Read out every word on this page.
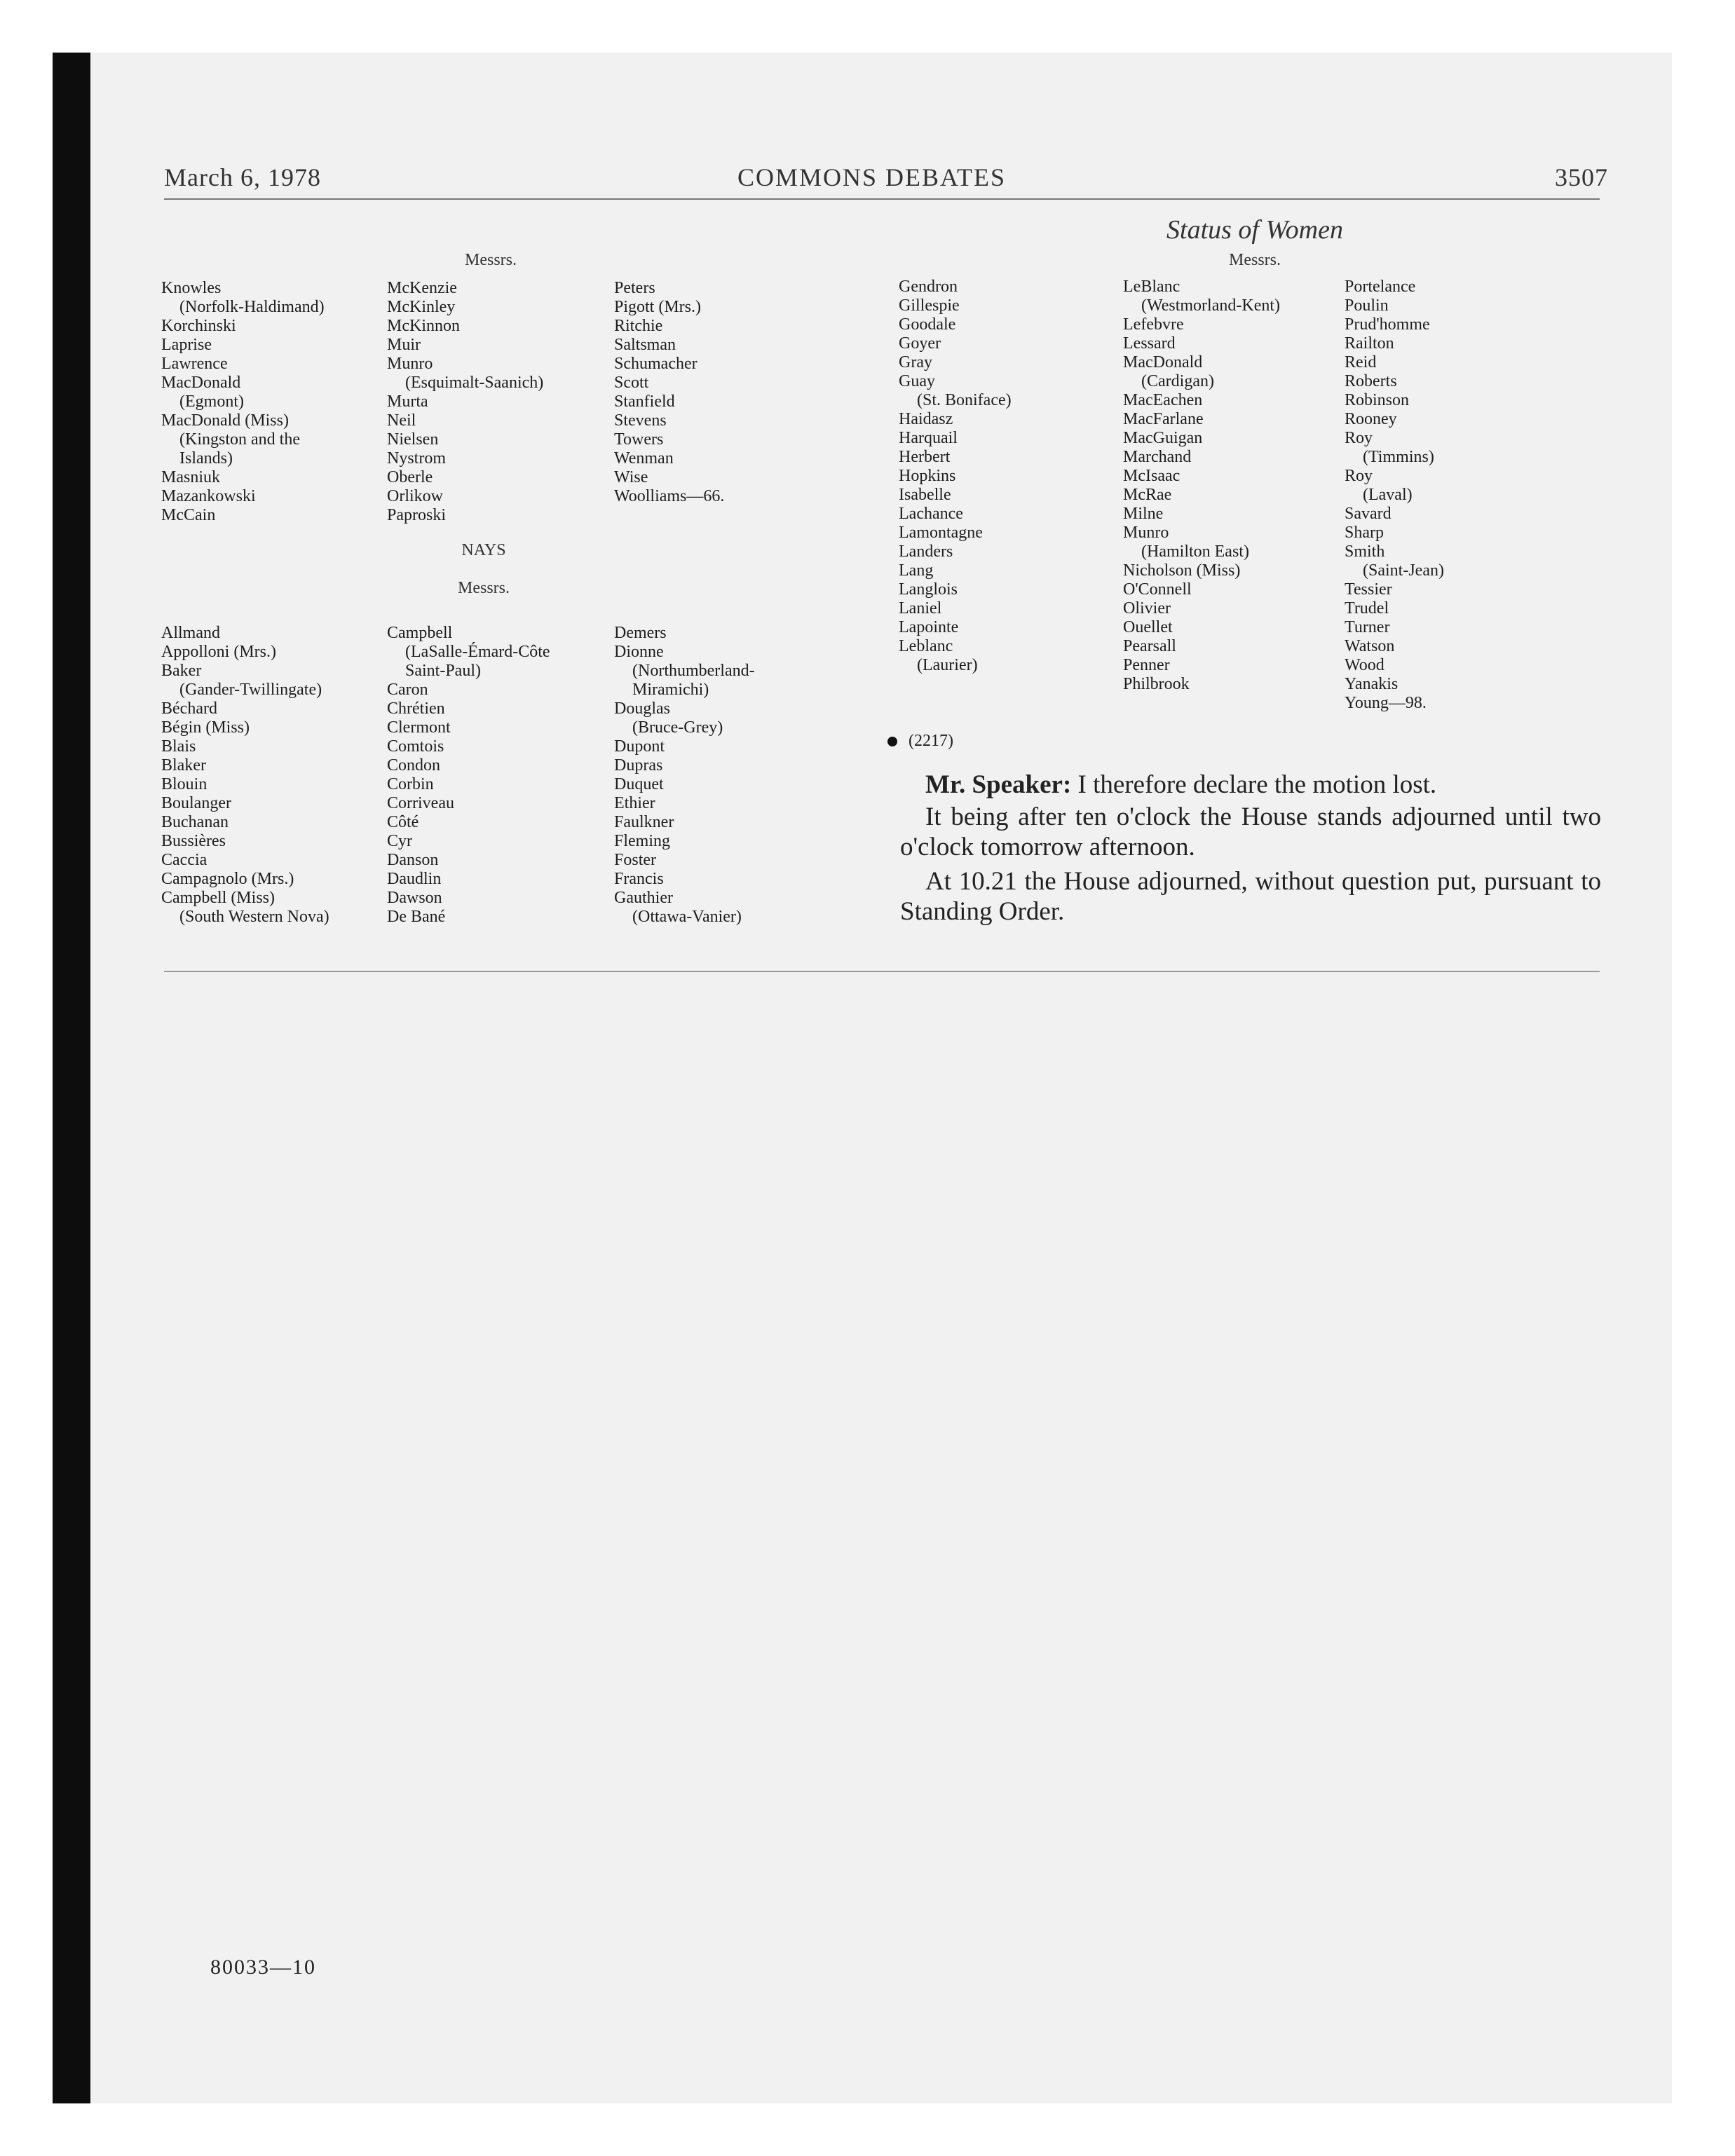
March 6, 1978	COMMONS DEBATES	3507
Messrs.
Knowles
(Norfolk-Haldimand)
Korchinski
Laprise
Lawrence
MacDonald
(Egmont)
MacDonald (Miss)
(Kingston and the
Islands)
Masniuk
Mazankowski
McCain
McKenzie
McKinley
McKinnon
Muir
Munro
(Esquimalt-Saanich)
Murta
Neil
Nielsen
Nystrom
Oberle
Orlikow
Paproski
Peters
Pigott (Mrs.)
Ritchie
Saltsman
Schumacher
Scott
Stanfield
Stevens
Towers
Wenman
Wise
Woolliams—66.
NAYS
Messrs.
Allmand
Appolloni (Mrs.)
Baker
(Gander-Twillingate)
Béchard
Bégin (Miss)
Blais
Blaker
Blouin
Boulanger
Buchanan
Bussières
Caccia
Campagnolo (Mrs.)
Campbell (Miss)
(South Western Nova)
Campbell
(LaSalle-Émard-Côte
Saint-Paul)
Caron
Chrétien
Clermont
Comtois
Condon
Corbin
Corriveau
Côté
Cyr
Danson
Daudlin
Dawson
De Bané
Demers
Dionne
(Northumberland-
Miramichi)
Douglas
(Bruce-Grey)
Dupont
Dupras
Duquet
Ethier
Faulkner
Fleming
Foster
Francis
Gauthier
(Ottawa-Vanier)
Status of Women
Messrs.
Gendron
Gillespie
Goodale
Goyer
Gray
Guay
(St. Boniface)
Haidasz
Harquail
Herbert
Hopkins
Isabelle
Lachance
Lamontagne
Landers
Lang
Langlois
Laniel
Lapointe
Leblanc
(Laurier)
LeBlanc
(Westmorland-Kent)
Lefebvre
Lessard
MacDonald
(Cardigan)
MacEachen
MacFarlane
MacGuigan
Marchand
McIsaac
McRae
Milne
Munro
(Hamilton East)
Nicholson (Miss)
O'Connell
Olivier
Ouellet
Pearsall
Penner
Philbrook
Portelance
Poulin
Prud'homme
Railton
Reid
Roberts
Robinson
Rooney
Roy
(Timmins)
Roy
(Laval)
Savard
Sharp
Smith
(Saint-Jean)
Tessier
Trudel
Turner
Watson
Wood
Yanakis
Young—98.
(2217)
Mr. Speaker: I therefore declare the motion lost.
It being after ten o'clock the House stands adjourned until two o'clock tomorrow afternoon.
At 10.21 the House adjourned, without question put, pursuant to Standing Order.
80033—10
